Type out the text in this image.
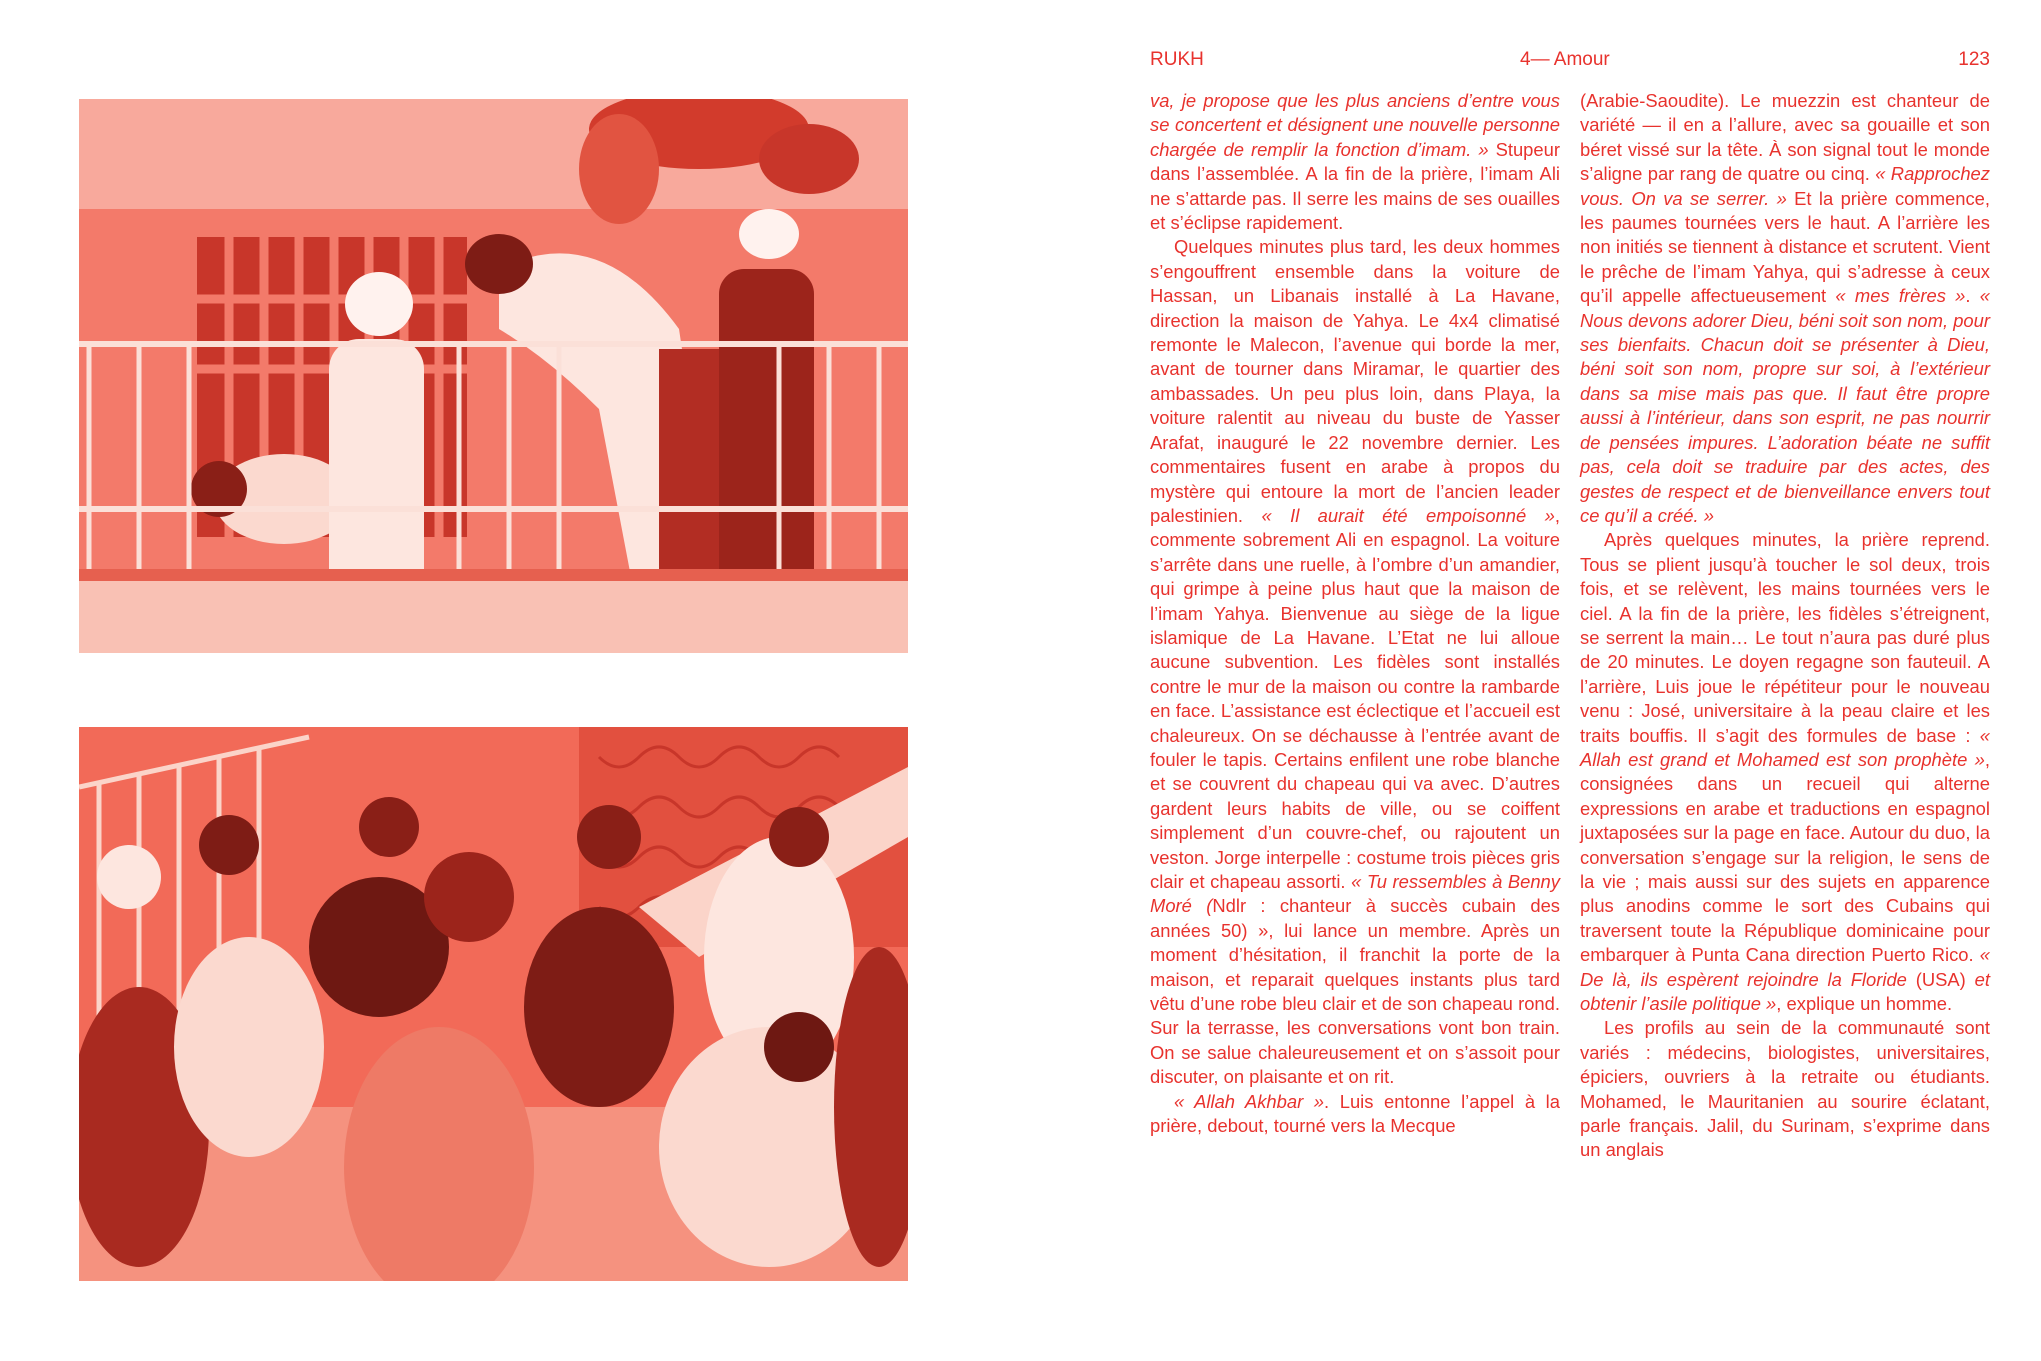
RUKH	4— Amour	123

va, je propose que les plus anciens d’entre vous se concertent et désignent une nouvelle personne chargée de remplir la fonction d’imam. » Stupeur dans l’assemblée. A la fin de la prière, l’imam Ali ne s’attarde pas. Il serre les mains de ses ouailles et s’éclipse rapidement.

Quelques minutes plus tard, les deux hommes s’engouffrent ensemble dans la voiture de Hassan, un Libanais installé à La Havane, direction la maison de Yahya. Le 4x4 climatisé remonte le Malecon, l’avenue qui borde la mer, avant de tourner dans Miramar, le quartier des ambassades. Un peu plus loin, dans Playa, la voiture ralentit au niveau du buste de Yasser Arafat, inauguré le 22 novembre dernier. Les commentaires fusent en arabe à propos du mystère qui entoure la mort de l’ancien leader palestinien. « Il aurait été empoisonné », commente sobrement Ali en espagnol. La voiture s’arrête dans une ruelle, à l’ombre d’un amandier, qui grimpe à peine plus haut que la maison de l’imam Yahya. Bienvenue au siège de la ligue islamique de La Havane. L’Etat ne lui alloue aucune subvention. Les fidèles sont installés contre le mur de la maison ou contre la rambarde en face. L’assistance est éclectique et l’accueil est chaleureux. On se déchausse à l’entrée avant de fouler le tapis. Certains enfilent une robe blanche et se couvrent du chapeau qui va avec. D’autres gardent leurs habits de ville, ou se coiffent simplement d’un couvre-chef, ou rajoutent un veston. Jorge interpelle : costume trois pièces gris clair et chapeau assorti. « Tu ressembles à Benny Moré (Ndlr : chanteur à succès cubain des années 50) », lui lance un membre. Après un moment d’hésitation, il franchit la porte de la maison, et reparait quelques instants plus tard vêtu d’une robe bleu clair et de son chapeau rond. Sur la terrasse, les conversations vont bon train. On se salue chaleureusement et on s’assoit pour discuter, on plaisante et on rit.

« Allah Akhbar ». Luis entonne l’appel à la prière, debout, tourné vers la Mecque

(Arabie-Saoudite). Le muezzin est chanteur de variété — il en a l’allure, avec sa gouaille et son béret vissé sur la tête. À son signal tout le monde s’aligne par rang de quatre ou cinq. « Rapprochez vous. On va se serrer. » Et la prière commence, les paumes tournées vers le haut. A l’arrière les non initiés se tiennent à distance et scrutent. Vient le prêche de l’imam Yahya, qui s’adresse à ceux qu’il appelle affectueusement « mes frères ». « Nous devons adorer Dieu, béni soit son nom, pour ses bienfaits. Chacun doit se présenter à Dieu, béni soit son nom, propre sur soi, à l’extérieur dans sa mise mais pas que. Il faut être propre aussi à l’intérieur, dans son esprit, ne pas nourrir de pensées impures. L’adoration béate ne suffit pas, cela doit se traduire par des actes, des gestes de respect et de bienveillance envers tout ce qu’il a créé. »

Après quelques minutes, la prière reprend. Tous se plient jusqu’à toucher le sol deux, trois fois, et se relèvent, les mains tournées vers le ciel. A la fin de la prière, les fidèles s’étreignent, se serrent la main… Le tout n’aura pas duré plus de 20 minutes. Le doyen regagne son fauteuil. A l’arrière, Luis joue le répétiteur pour le nouveau venu : José, universitaire à la peau claire et les traits bouffis. Il s’agit des formules de base : « Allah est grand et Mohamed est son prophète », consignées dans un recueil qui alterne expressions en arabe et traductions en espagnol juxtaposées sur la page en face. Autour du duo, la conversation s’engage sur la religion, le sens de la vie ; mais aussi sur des sujets en apparence plus anodins comme le sort des Cubains qui traversent toute la République dominicaine pour embarquer à Punta Cana direction Puerto Rico. « De là, ils espèrent rejoindre la Floride (USA) et obtenir l’asile politique », explique un homme.

Les profils au sein de la communauté sont variés : médecins, biologistes, universitaires, épiciers, ouvriers à la retraite ou étudiants. Mohamed, le Mauritanien au sourire éclatant, parle français. Jalil, du Surinam, s’exprime dans un anglais
